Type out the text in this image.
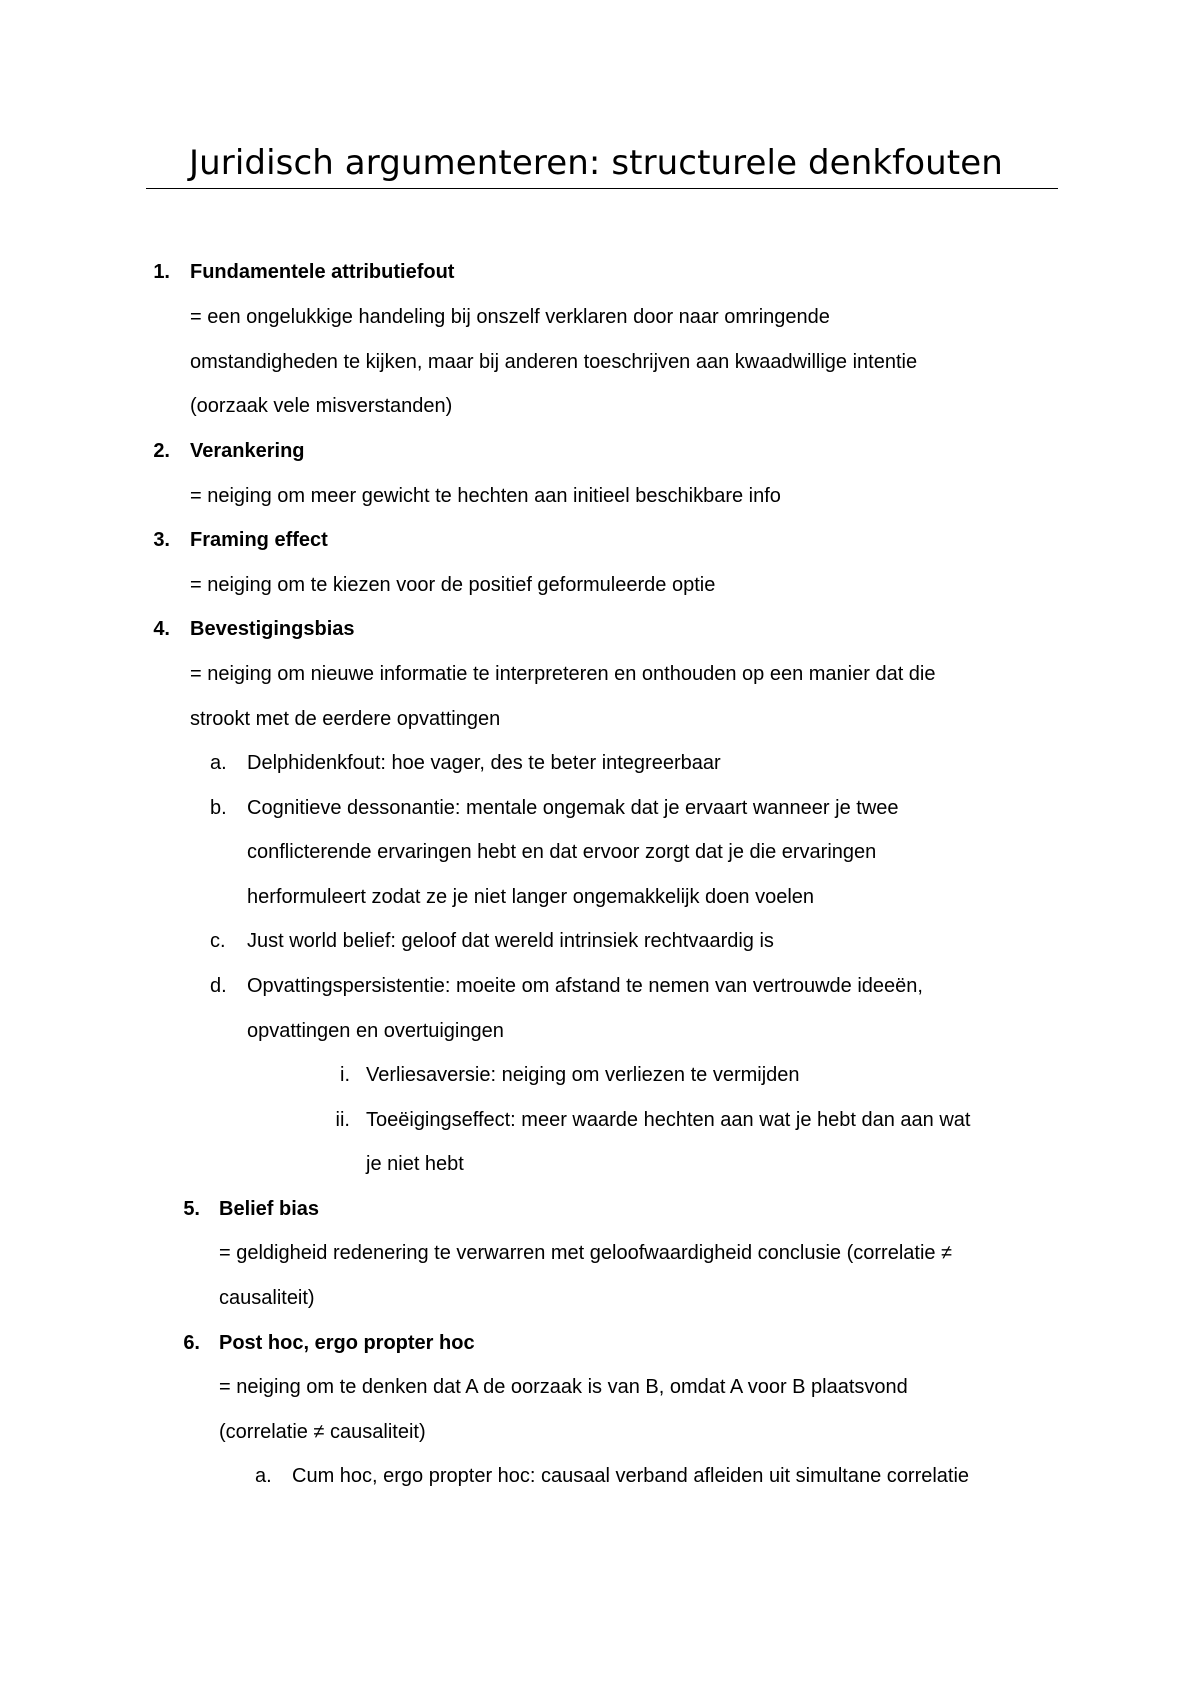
Juridisch argumenteren: structurele denkfouten
1. Fundamentele attributiefout
= een ongelukkige handeling bij onszelf verklaren door naar omringende
omstandigheden te kijken, maar bij anderen toeschrijven aan kwaadwillige intentie
(oorzaak vele misverstanden)
2. Verankering
= neiging om meer gewicht te hechten aan initieel beschikbare info
3. Framing effect
= neiging om te kiezen voor de positief geformuleerde optie
4. Bevestigingsbias
= neiging om nieuwe informatie te interpreteren en onthouden op een manier dat die
strookt met de eerdere opvattingen
a. Delphidenkfout: hoe vager, des te beter integreerbaar
b. Cognitieve dessonantie: mentale ongemak dat je ervaart wanneer je twee
conflicterende ervaringen hebt en dat ervoor zorgt dat je die ervaringen
herformuleert zodat ze je niet langer ongemakkelijk doen voelen
c. Just world belief: geloof dat wereld intrinsiek rechtvaardig is
d. Opvattingspersistentie: moeite om afstand te nemen van vertrouwde ideeën,
opvattingen en overtuigingen
i. Verliesaversie: neiging om verliezen te vermijden
ii. Toeëigingseffect: meer waarde hechten aan wat je hebt dan aan wat
je niet hebt
5. Belief bias
= geldigheid redenering te verwarren met geloofwaardigheid conclusie (correlatie ≠
causaliteit)
6. Post hoc, ergo propter hoc
= neiging om te denken dat A de oorzaak is van B, omdat A voor B plaatsvond
(correlatie ≠ causaliteit)
a. Cum hoc, ergo propter hoc: causaal verband afleiden uit simultane correlatie
